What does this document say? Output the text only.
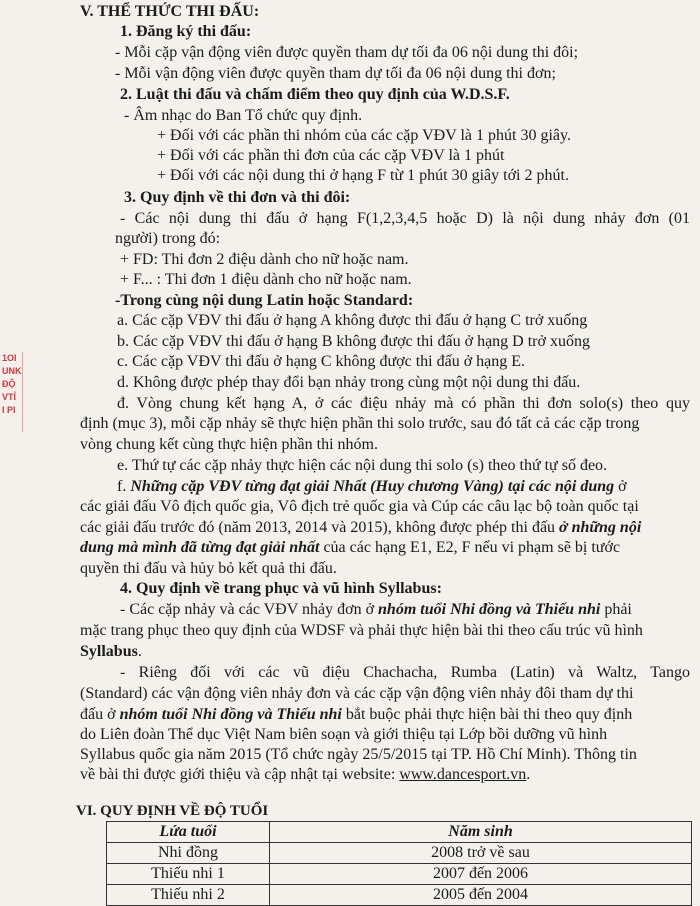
1OI
UNK
ĐỘ
VTỈ
I PI
V. THỂ THỨC THI ĐẤU:
1. Đăng ký thi đấu:
- Mỗi cặp vận động viên được quyền tham dự tối đa 06 nội dung thi đôi;
- Mỗi vận động viên được quyền tham dự tối đa 06 nội dung thi đơn;
2. Luật thi đấu và chấm điểm theo quy định của W.D.S.F.
- Âm nhạc do Ban Tổ chức quy định.
+ Đối với các phần thi nhóm của các cặp VĐV là 1 phút 30 giây.
+ Đối với các phần thi đơn của các cặp VĐV là 1 phút
+ Đối với các nội dung thi ở hạng F từ 1 phút 30 giây tới 2 phút.
3. Quy định về thi đơn và thi đôi:
- Các nội dung thi đấu ở hạng F(1,2,3,4,5 hoặc D) là nội dung nhảy đơn (01
người) trong đó:
+ FD: Thi đơn 2 điệu dành cho nữ hoặc nam.
+ F... : Thi đơn 1 điệu dành cho nữ hoặc nam.
-Trong cùng nội dung Latin hoặc Standard:
a. Các cặp VĐV thi đấu ở hạng A không được thi đấu ở hạng C trở xuống
b. Các cặp VĐV thi đấu ở hạng B không được thi đấu ở hạng D trở xuống
c. Các cặp VĐV thi đấu ở hạng C không được thi đấu ở hạng E.
d. Không được phép thay đổi bạn nhảy trong cùng một nội dung thi đấu.
đ. Vòng chung kết hạng A, ở các điệu nhảy mà có phần thi đơn solo(s) theo quy
định (mục 3), mỗi cặp nhảy sẽ thực hiện phần thi solo trước, sau đó tất cả các cặp trong
vòng chung kết cùng thực hiện phần thi nhóm.
e. Thứ tự các cặp nhảy thực hiện các nội dung thi solo (s) theo thứ tự số đeo.
f. Những cặp VĐV từng đạt giải Nhất (Huy chương Vàng) tại các nội dung ở
các giải đấu Vô địch quốc gia, Vô địch trẻ quốc gia và Cúp các câu lạc bộ toàn quốc tại
các giải đấu trước đó (năm 2013, 2014 và 2015), không được phép thi đấu ở những nội
dung mà mình đã từng đạt giải nhất của các hạng E1, E2, F nếu vi phạm sẽ bị tước
quyền thi đấu và hủy bỏ kết quả thi đấu.
4. Quy định về trang phục và vũ hình Syllabus:
- Các cặp nhảy và các VĐV nhảy đơn ở nhóm tuổi Nhi đồng và Thiếu nhi phải
mặc trang phục theo quy định của WDSF và phải thực hiện bài thi theo cấu trúc vũ hình
Syllabus.
- Riêng đối với các vũ điệu Chachacha, Rumba (Latin) và Waltz, Tango
(Standard) các vận động viên nhảy đơn và các cặp vận động viên nhảy đôi tham dự thi
đấu ở nhóm tuổi Nhi đồng và Thiếu nhi bắt buộc phải thực hiện bài thi theo quy định
do Liên đoàn Thể dục Việt Nam biên soạn và giới thiệu tại Lớp bồi dưỡng vũ hình
Syllabus quốc gia năm 2015 (Tổ chức ngày 25/5/2015 tại TP. Hồ Chí Minh). Thông tin
về bài thi được giới thiệu và cập nhật tại website: www.dancesport.vn.
VI. QUY ĐỊNH VỀ ĐỘ TUỔI
Lứa tuổi	Năm sinh
Nhi đồng	2008 trở về sau
Thiếu nhi 1	2007 đến 2006
Thiếu nhi 2	2005 đến 2004
